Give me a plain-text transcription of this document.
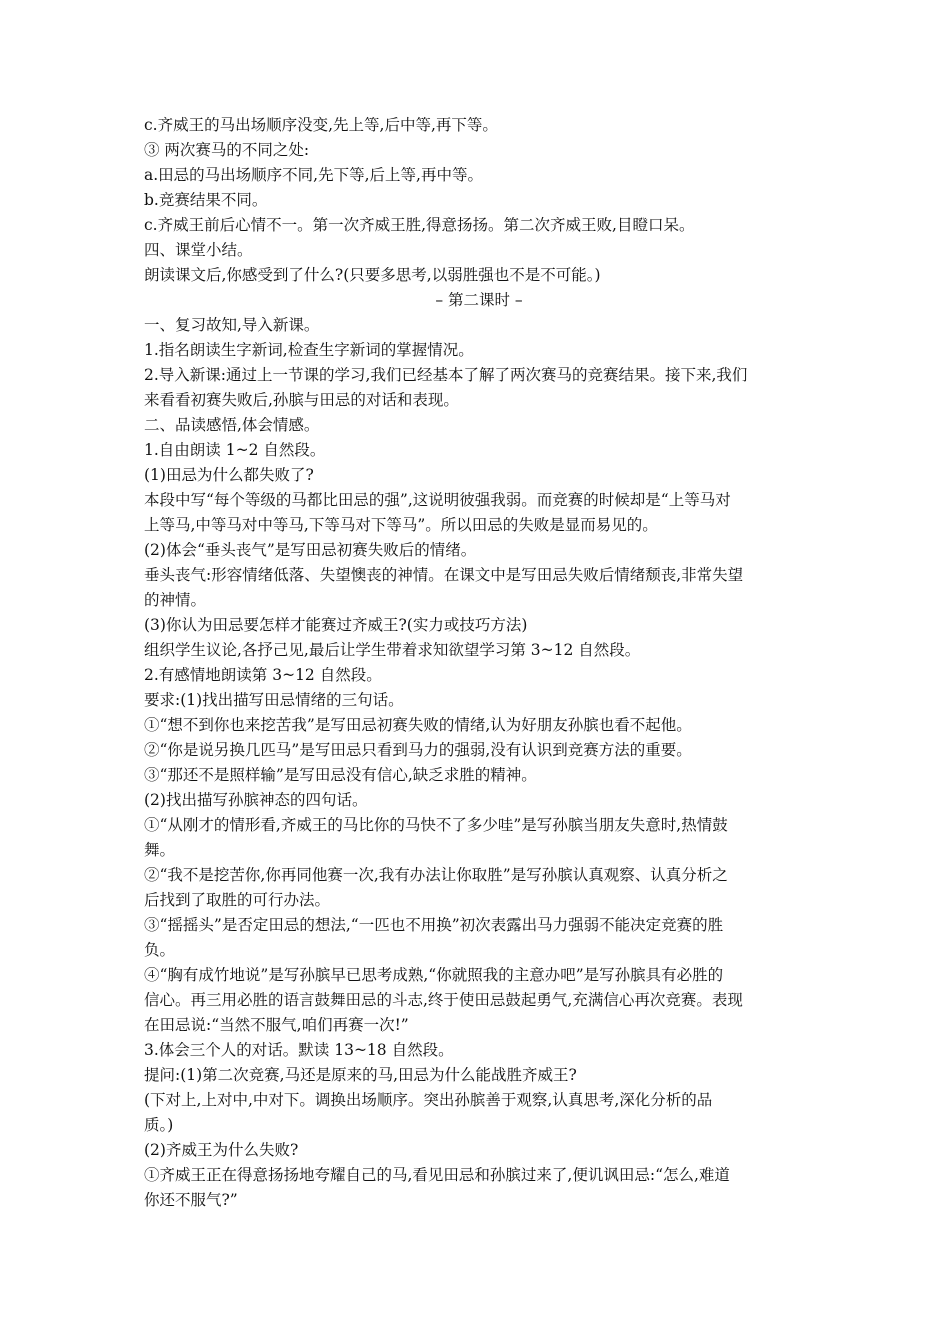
c.齐威王的马出场顺序没变,先上等,后中等,再下等。
③ 两次赛马的不同之处:
a.田忌的马出场顺序不同,先下等,后上等,再中等。
b.竞赛结果不同。
c.齐威王前后心情不一。第一次齐威王胜,得意扬扬。第二次齐威王败,目瞪口呆。
四、课堂小结。
朗读课文后,你感受到了什么?(只要多思考,以弱胜强也不是不可能。)
– 第二课时 –
一、复习故知,导入新课。
1.指名朗读生字新词,检查生字新词的掌握情况。
2.导入新课:通过上一节课的学习,我们已经基本了解了两次赛马的竞赛结果。接下来,我们
来看看初赛失败后,孙膑与田忌的对话和表现。
二、品读感悟,体会情感。
1.自由朗读 1~2 自然段。
(1)田忌为什么都失败了?
本段中写“每个等级的马都比田忌的强”,这说明彼强我弱。而竞赛的时候却是“上等马对
上等马,中等马对中等马,下等马对下等马”。所以田忌的失败是显而易见的。
(2)体会“垂头丧气”是写田忌初赛失败后的情绪。
垂头丧气:形容情绪低落、失望懊丧的神情。在课文中是写田忌失败后情绪颓丧,非常失望
的神情。
(3)你认为田忌要怎样才能赛过齐威王?(实力或技巧方法)
组织学生议论,各抒己见,最后让学生带着求知欲望学习第 3~12 自然段。
2.有感情地朗读第 3~12 自然段。
要求:(1)找出描写田忌情绪的三句话。
①“想不到你也来挖苦我”是写田忌初赛失败的情绪,认为好朋友孙膑也看不起他。
②“你是说另换几匹马”是写田忌只看到马力的强弱,没有认识到竞赛方法的重要。
③“那还不是照样输”是写田忌没有信心,缺乏求胜的精神。
(2)找出描写孙膑神态的四句话。
①“从刚才的情形看,齐威王的马比你的马快不了多少哇”是写孙膑当朋友失意时,热情鼓
舞。
②“我不是挖苦你,你再同他赛一次,我有办法让你取胜”是写孙膑认真观察、认真分析之
后找到了取胜的可行办法。
③“摇摇头”是否定田忌的想法,“一匹也不用换”初次表露出马力强弱不能决定竞赛的胜
负。
④“胸有成竹地说”是写孙膑早已思考成熟,“你就照我的主意办吧”是写孙膑具有必胜的
信心。再三用必胜的语言鼓舞田忌的斗志,终于使田忌鼓起勇气,充满信心再次竞赛。表现
在田忌说:“当然不服气,咱们再赛一次!”
3.体会三个人的对话。默读 13~18 自然段。
提问:(1)第二次竞赛,马还是原来的马,田忌为什么能战胜齐威王?
(下对上,上对中,中对下。调换出场顺序。突出孙膑善于观察,认真思考,深化分析的品
质。)
(2)齐威王为什么失败?
①齐威王正在得意扬扬地夸耀自己的马,看见田忌和孙膑过来了,便讥讽田忌:“怎么,难道
你还不服气?”
